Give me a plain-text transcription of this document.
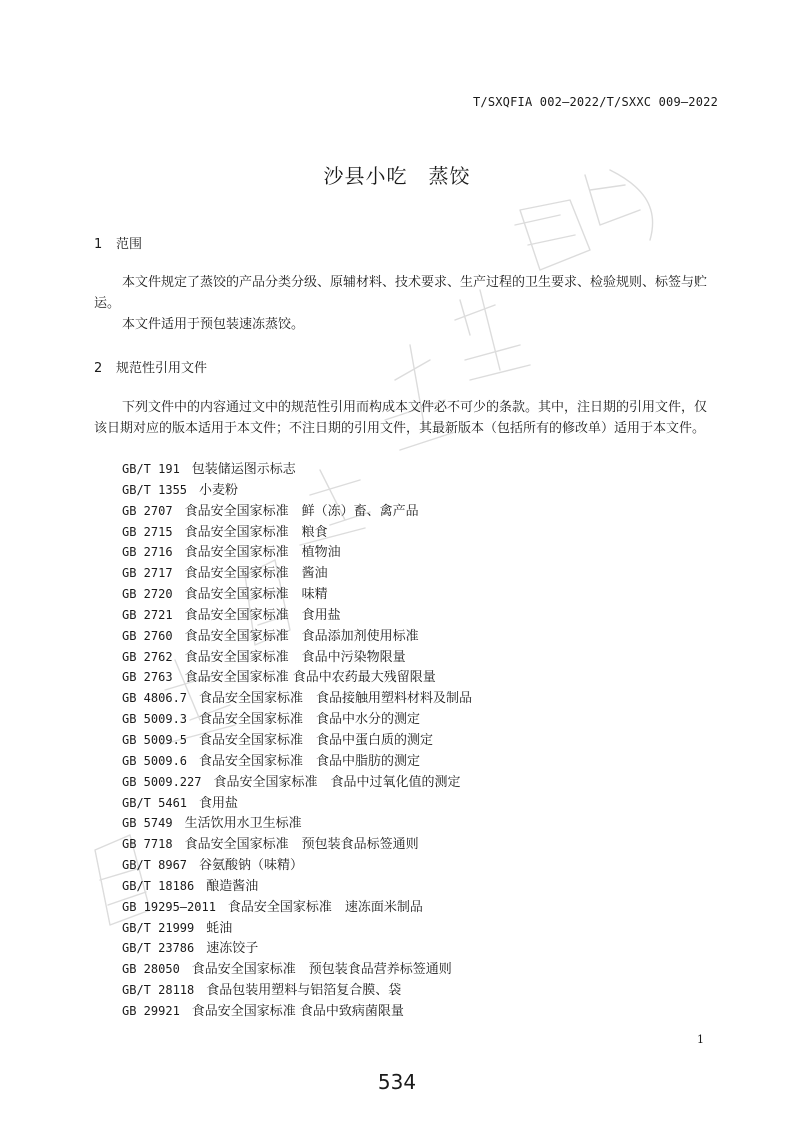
T/SXQFIA 002—2022/T/SXXC 009—2022
沙县小吃　蒸饺
1 范围

本文件规定了蒸饺的产品分类分级、原辅材料、技术要求、生产过程的卫生要求、检验规则、标签与贮运。

本文件适用于预包装速冻蒸饺。

2 规范性引用文件

下列文件中的内容通过文中的规范性引用而构成本文件必不可少的条款。其中，注日期的引用文件，仅该日期对应的版本适用于本文件；不注日期的引用文件，其最新版本（包括所有的修改单）适用于本文件。

GB/T 191 包装储运图示标志
GB/T 1355 小麦粉
GB 2707 食品安全国家标准　鲜（冻）畜、禽产品
GB 2715 食品安全国家标准　粮食
GB 2716 食品安全国家标准　植物油
GB 2717 食品安全国家标准　酱油
GB 2720 食品安全国家标准　味精
GB 2721 食品安全国家标准　食用盐
GB 2760 食品安全国家标准　食品添加剂使用标准
GB 2762 食品安全国家标准　食品中污染物限量
GB 2763 食品安全国家标准 食品中农药最大残留限量
GB 4806.7 食品安全国家标准　食品接触用塑料材料及制品
GB 5009.3 食品安全国家标准　食品中水分的测定
GB 5009.5 食品安全国家标准　食品中蛋白质的测定
GB 5009.6 食品安全国家标准　食品中脂肪的测定
GB 5009.227 食品安全国家标准　食品中过氧化值的测定
GB/T 5461 食用盐
GB 5749 生活饮用水卫生标准
GB 7718 食品安全国家标准　预包装食品标签通则
GB/T 8967 谷氨酸钠（味精）
GB/T 18186 酿造酱油
GB 19295—2011 食品安全国家标准　速冻面米制品
GB/T 21999 蚝油
GB/T 23786 速冻饺子
GB 28050 食品安全国家标准　预包装食品营养标签通则
GB/T 28118 食品包装用塑料与铝箔复合膜、袋
GB 29921 食品安全国家标准 食品中致病菌限量
1
534
